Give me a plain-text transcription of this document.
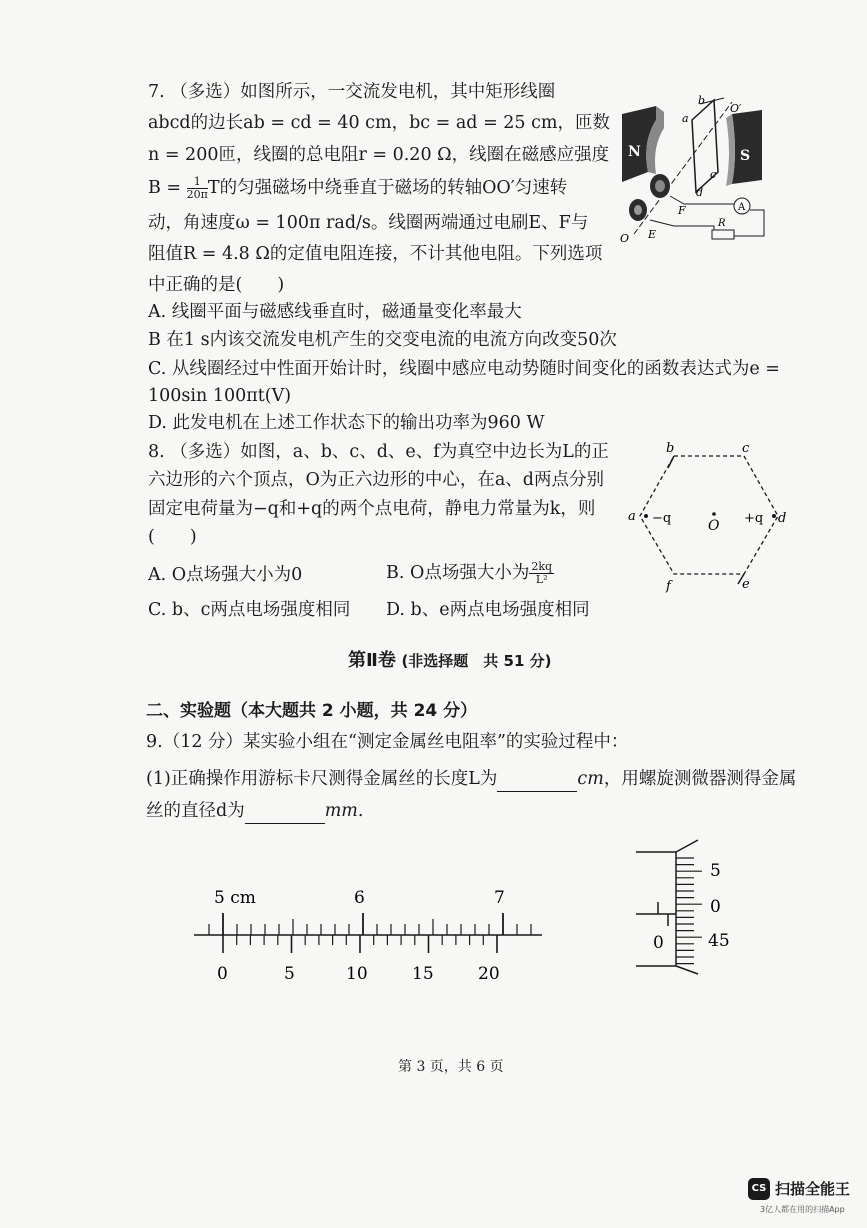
7. （多选）如图所示，一交流发电机，其中矩形线圈
abcd的边长ab = cd = 40 cm，bc = ad = 25 cm，匝数
n = 200匝，线圈的总电阻r = 0.20 Ω，线圈在磁感应强度
$B = \frac{1}{20\pi}$ T的匀强磁场中绕垂直于磁场的转轴OO′匀速转
动，角速度ω = 100π rad/s。线圈两端通过电刷E、F与
阻值R = 4.8 Ω的定值电阻连接，不计其他电阻。下列选项
中正确的是(　　)
A. 线圈平面与磁感线垂直时，磁通量变化率最大
B 在1 s内该交流发电机产生的交变电流的电流方向改变50次
C. 从线圈经过中性面开始计时，线圈中感应电动势随时间变化的函数表达式为e =
100sin 100πt(V)
D. 此发电机在上述工作状态下的输出功率为960 W
N	S
A
R
a
b
c
d
O′
F
E
O
8. （多选）如图，a、b、c、d、e、f为真空中边长为L的正
六边形的六个顶点，O为正六边形的中心，在a、d两点分别
固定电荷量为−q和+q的两个点电荷，静电力常量为k，则
(　　)
A. O点场强大小为0	B. O点场强大小为 $\frac{2kq}{\text{L²}}$
C. b、c两点电场强度相同 D. b、e两点电场强度相同
b	c
a	d
f	e
O
−q	+q
第Ⅱ卷 (非选择题　共 51 分)
二、实验题（本大题共 2 小题，共 24 分）
9.（12 分）某实验小组在“测定金属丝电阻率”的实验过程中：
(1)正确操作用游标卡尺测得金属丝的长度L为	cm，用螺旋测微器测得金属
丝的直径d为	mm.
5 cm	6	7
0	5	10	15	20
5
0
45
0
第 3 页，共 6 页
CS 扫描全能王
3亿人都在用的扫描App
